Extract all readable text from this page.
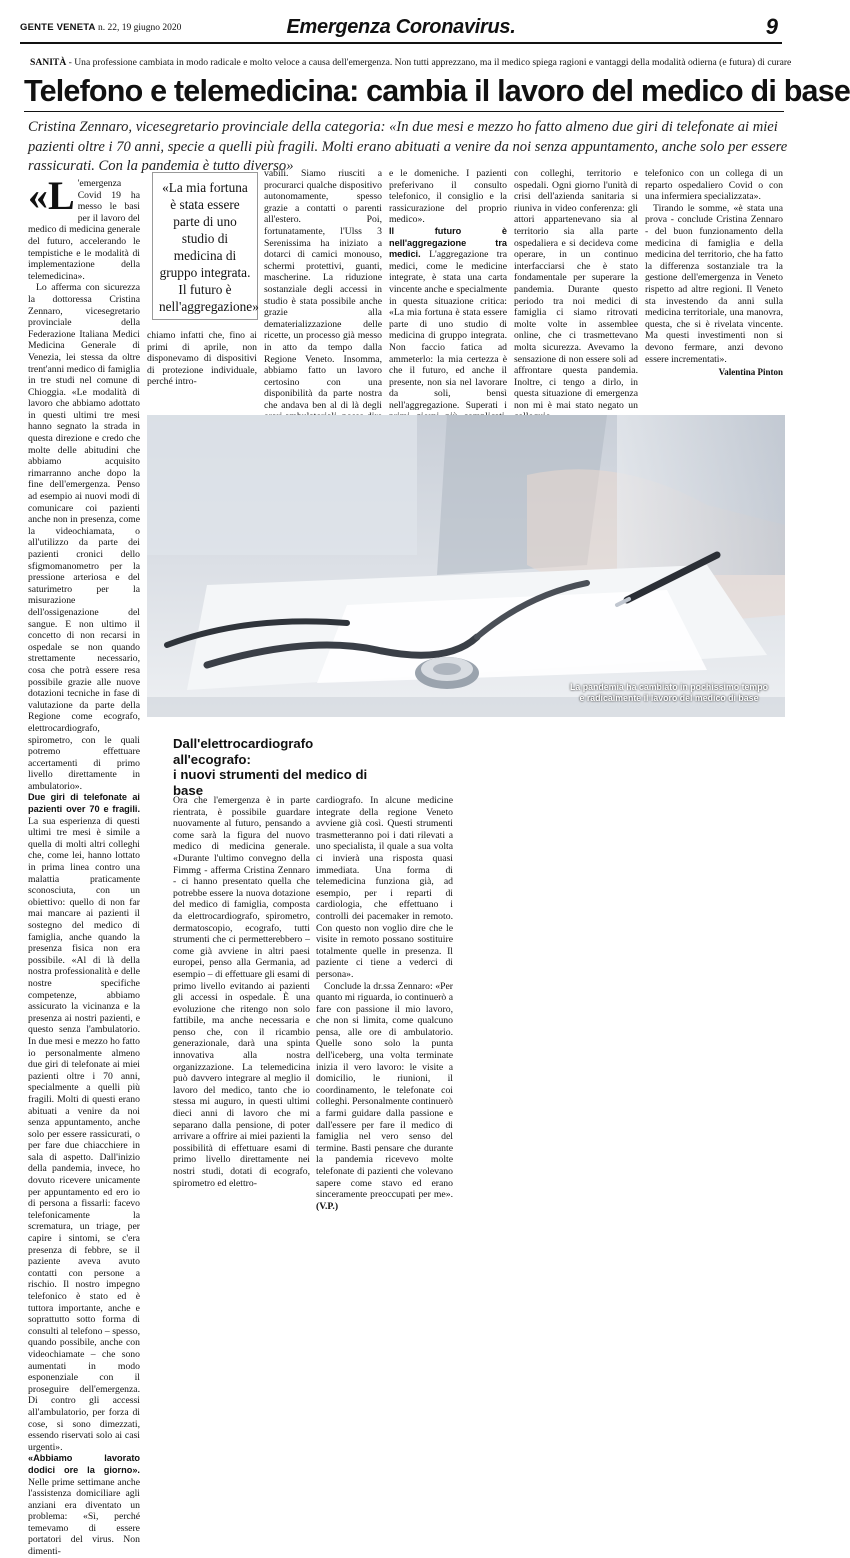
GENTE VENETA n. 22, 19 giugno 2020	Emergenza Coronavirus.	9
SANITÀ - Una professione cambiata in modo radicale e molto veloce a causa dell'emergenza. Non tutti apprezzano, ma il medico spiega ragioni e vantaggi della modalità odierna (e futura) di curare
Telefono e telemedicina: cambia il lavoro del medico di base
Cristina Zennaro, vicesegretario provinciale della categoria: «In due mesi e mezzo ho fatto almeno due giri di telefonate ai miei pazienti oltre i 70 anni, specie a quelli più fragili. Molti erano abituati a venire da noi senza appuntamento, anche solo per essere rassicurati. Con la pandemia è tutto diverso»

«L 'emergenza Covid 19 ha messo le basi per il lavoro del medico di medicina generale del futuro, accelerando le tempistiche e le modalità di implementazione della telemedicina».

Lo afferma con sicurezza la dottoressa Cristina Zennaro, vicesegretario provinciale della Federazione Italiana Medici Medicina Generale di Venezia, lei stessa da oltre trent'anni medico di famiglia in tre studi nel comune di Chioggia. «Le modalità di lavoro che abbiamo adottato in questi ultimi tre mesi hanno segnato la strada in questa direzione e credo che molte delle abitudini che abbiamo acquisito rimarranno anche dopo la fine dell'emergenza. Penso ad esempio ai nuovi modi di comunicare coi pazienti anche non in presenza, come la videochiamata, o all'utilizzo da parte dei pazienti cronici dello sfigmomanometro per la pressione arteriosa e del saturimetro per la misurazione dell'ossigenazione del sangue. E non ultimo il concetto di non recarsi in ospedale se non quando strettamente necessario, cosa che potrà essere resa possibile grazie alle nuove dotazioni tecniche in fase di valutazione da parte della Regione come ecografo, elettrocardiografo, spirometro, con le quali potremo effettuare accertamenti di primo livello direttamente in ambulatorio».

Due giri di telefonate ai pazienti over 70 e fragili. La sua esperienza di questi ultimi tre mesi è simile a quella di molti altri colleghi che, come lei, hanno lottato in prima linea contro una malattia praticamente sconosciuta, con un obiettivo: quello di non far mai mancare ai pazienti il sostegno del medico di famiglia, anche quando la presenza fisica non era possibile. «Al di là della nostra professionalità e delle nostre specifiche competenze, abbiamo assicurato la vicinanza e la presenza ai nostri pazienti, e questo senza l'ambulatorio. In due mesi e mezzo ho fatto io personalmente almeno due giri di telefonate ai miei pazienti oltre i 70 anni, specialmente a quelli più fragili. Molti di questi erano abituati a venire da noi senza appuntamento, anche solo per essere rassicurati, o per fare due chiacchiere in sala di aspetto. Dall'inizio della pandemia, invece, ho dovuto ricevere unicamente per appuntamento ed ero io di persona a fissarli: facevo telefonicamente la scrematura, un triage, per capire i sintomi, se c'era presenza di febbre, se il paziente aveva avuto contatti con persone a rischio. Il nostro impegno telefonico è stato ed è tuttora importante, anche e soprattutto sotto forma di consulti al telefono – spesso, quando possibile, anche con videochiamate – che sono aumentati in modo esponenziale con il proseguire dell'emergenza. Di contro gli accessi all'ambulatorio, per forza di cose, si sono dimezzati, essendo riservati solo ai casi urgenti».

«Abbiamo lavorato dodici ore la giorno». Nelle prime settimane anche l'assistenza domiciliare agli anziani era diventato un problema: «Sì, perché temevamo di essere portatori del virus. Non dimenti-

«La mia fortuna è stata essere parte di uno studio di medicina di gruppo integrata. Il futuro è nell'aggregazione»

chiamo infatti che, fino ai primi di aprile, non disponevamo di dispositivi di protezione individuale, perché intro-

vabili. Siamo riusciti a procurarci qualche dispositivo autonomamente, spesso grazie a contatti o parenti all'estero. Poi, fortunatamente, l'Ulss 3 Serenissima ha iniziato a dotarci di camici monouso, schermi protettivi, guanti, mascherine. La riduzione sostanziale degli accessi in studio è stata possibile anche grazie alla dematerializzazione delle ricette, un processo già messo in atto da tempo dalla Regione Veneto. Insomma, abbiamo fatto un lavoro certosino con una disponibilità da parte nostra che andava ben al di là degli

e le domeniche. I pazienti preferivano il consulto telefonico, il consiglio e la rassicurazione del proprio medico».

Il futuro è nell'aggregazione tra medici. L'aggregazione tra medici, come le medicine integrate, è stata una carta vincente anche e specialmente in questa situazione critica: «La mia fortuna è stata essere parte di uno studio di medicina di gruppo integrata. Non faccio fatica ad ammeterlo: la mia certezza è che il futuro, ed anche il presente, non sia nel lavorare da soli, bensì nell'aggregazione. Superati i

con colleghi, territorio e ospedali. Ogni giorno l'unità di crisi dell'azienda sanitaria si riuniva in video conferenza: gli attori appartenevano sia al territorio sia alla parte ospedaliera e si decideva come operare, in un continuo interfacciarsi che è stato fondamentale per superare la pandemia. Durante questo periodo tra noi medici di famiglia ci siamo ritrovati molte volte in assemblee online, che ci trasmettevano molta sicurezza. Avevamo la sensazione di non essere soli ad affrontare questa pandemia. Inoltre, ci tengo a dirlo, in questa situazione di emergenza non mi è mai stato negato un

telefonico con un collega di un reparto ospedaliero Covid o con una infermiera specializzata».

Tirando le somme, «è stata una prova - conclude Cristina Zennaro - del buon funzionamento della medicina di famiglia e della medicina del territorio, che ha fatto la differenza sostanziale tra la gestione dell'emergenza in Veneto rispetto ad altre regioni. Il Veneto sta investendo da anni sulla medicina territoriale, una manovra, questa, che si è rivelata vincente. Ma questi investimenti non si devono fermare, anzi devono essere incrementati».

Valentina Pinton
La pandemia ha cambiato in pochissimo tempo e radicalmente il lavoro del medico di base
Dall'elettrocardiografo all'ecografo:
i nuovi strumenti del medico di base

Ora che l'emergenza è in parte rientrata, è possibile guardare nuovamente al futuro, pensando a come sarà la figura del nuovo medico di medicina generale. «Durante l'ultimo convegno della Fimmg - afferma Cristina Zennaro - ci hanno presentato quella che potrebbe essere la nuova dotazione del medico di famiglia, composta da elettrocardiografo, spirometro, dermatoscopio, ecografo, tutti strumenti che ci permetterebbero – come già avviene in altri paesi europei, penso alla Germania, ad esempio – di effettuare gli esami di primo livello evitando ai pazienti gli accessi in ospedale. È una evoluzione che ritengo non solo fattibile, ma anche necessaria e penso che, con il ricambio generazionale, darà una spinta innovativa alla nostra organizzazione. La telemedicina può davvero integrare al meglio il lavoro del medico, tanto che io stessa mi auguro, in questi ultimi dieci anni di lavoro che mi separano dalla pensione, di poter arrivare a offrire ai miei pazienti la possibilità di effettuare esami di primo livello direttamente nei nostri studi, dotati di ecografo, spirometro ed elettro-

cardiografo. In alcune medicine integrate della regione Veneto avviene già così. Questi strumenti trasmetteranno poi i dati rilevati a uno specialista, il quale a sua volta ci invierà una risposta quasi immediata. Una forma di telemedicina funziona già, ad esempio, per i reparti di cardiologia, che effettuano i controlli dei pacemaker in remoto. Con questo non voglio dire che le visite in remoto possano sostituire totalmente quelle in presenza. Il paziente ci tiene a vederci di persona».

Conclude la dr.ssa Zennaro: «Per quanto mi riguarda, io continuerò a fare con passione il mio lavoro, che non si limita, come qualcuno pensa, alle ore di ambulatorio. Quelle sono solo la punta dell'iceberg, una volta terminate inizia il vero lavoro: le visite a domicilio, le riunioni, il coordinamento, le telefonate coi colleghi. Personalmente continuerò a farmi guidare dalla passione e dall'essere per fare il medico di famiglia nel vero senso del termine. Basti pensare che durante la pandemia ricevevo molte telefonate di pazienti che volevano sapere come stavo ed erano sinceramente preoccupati per me». (V.P.)
